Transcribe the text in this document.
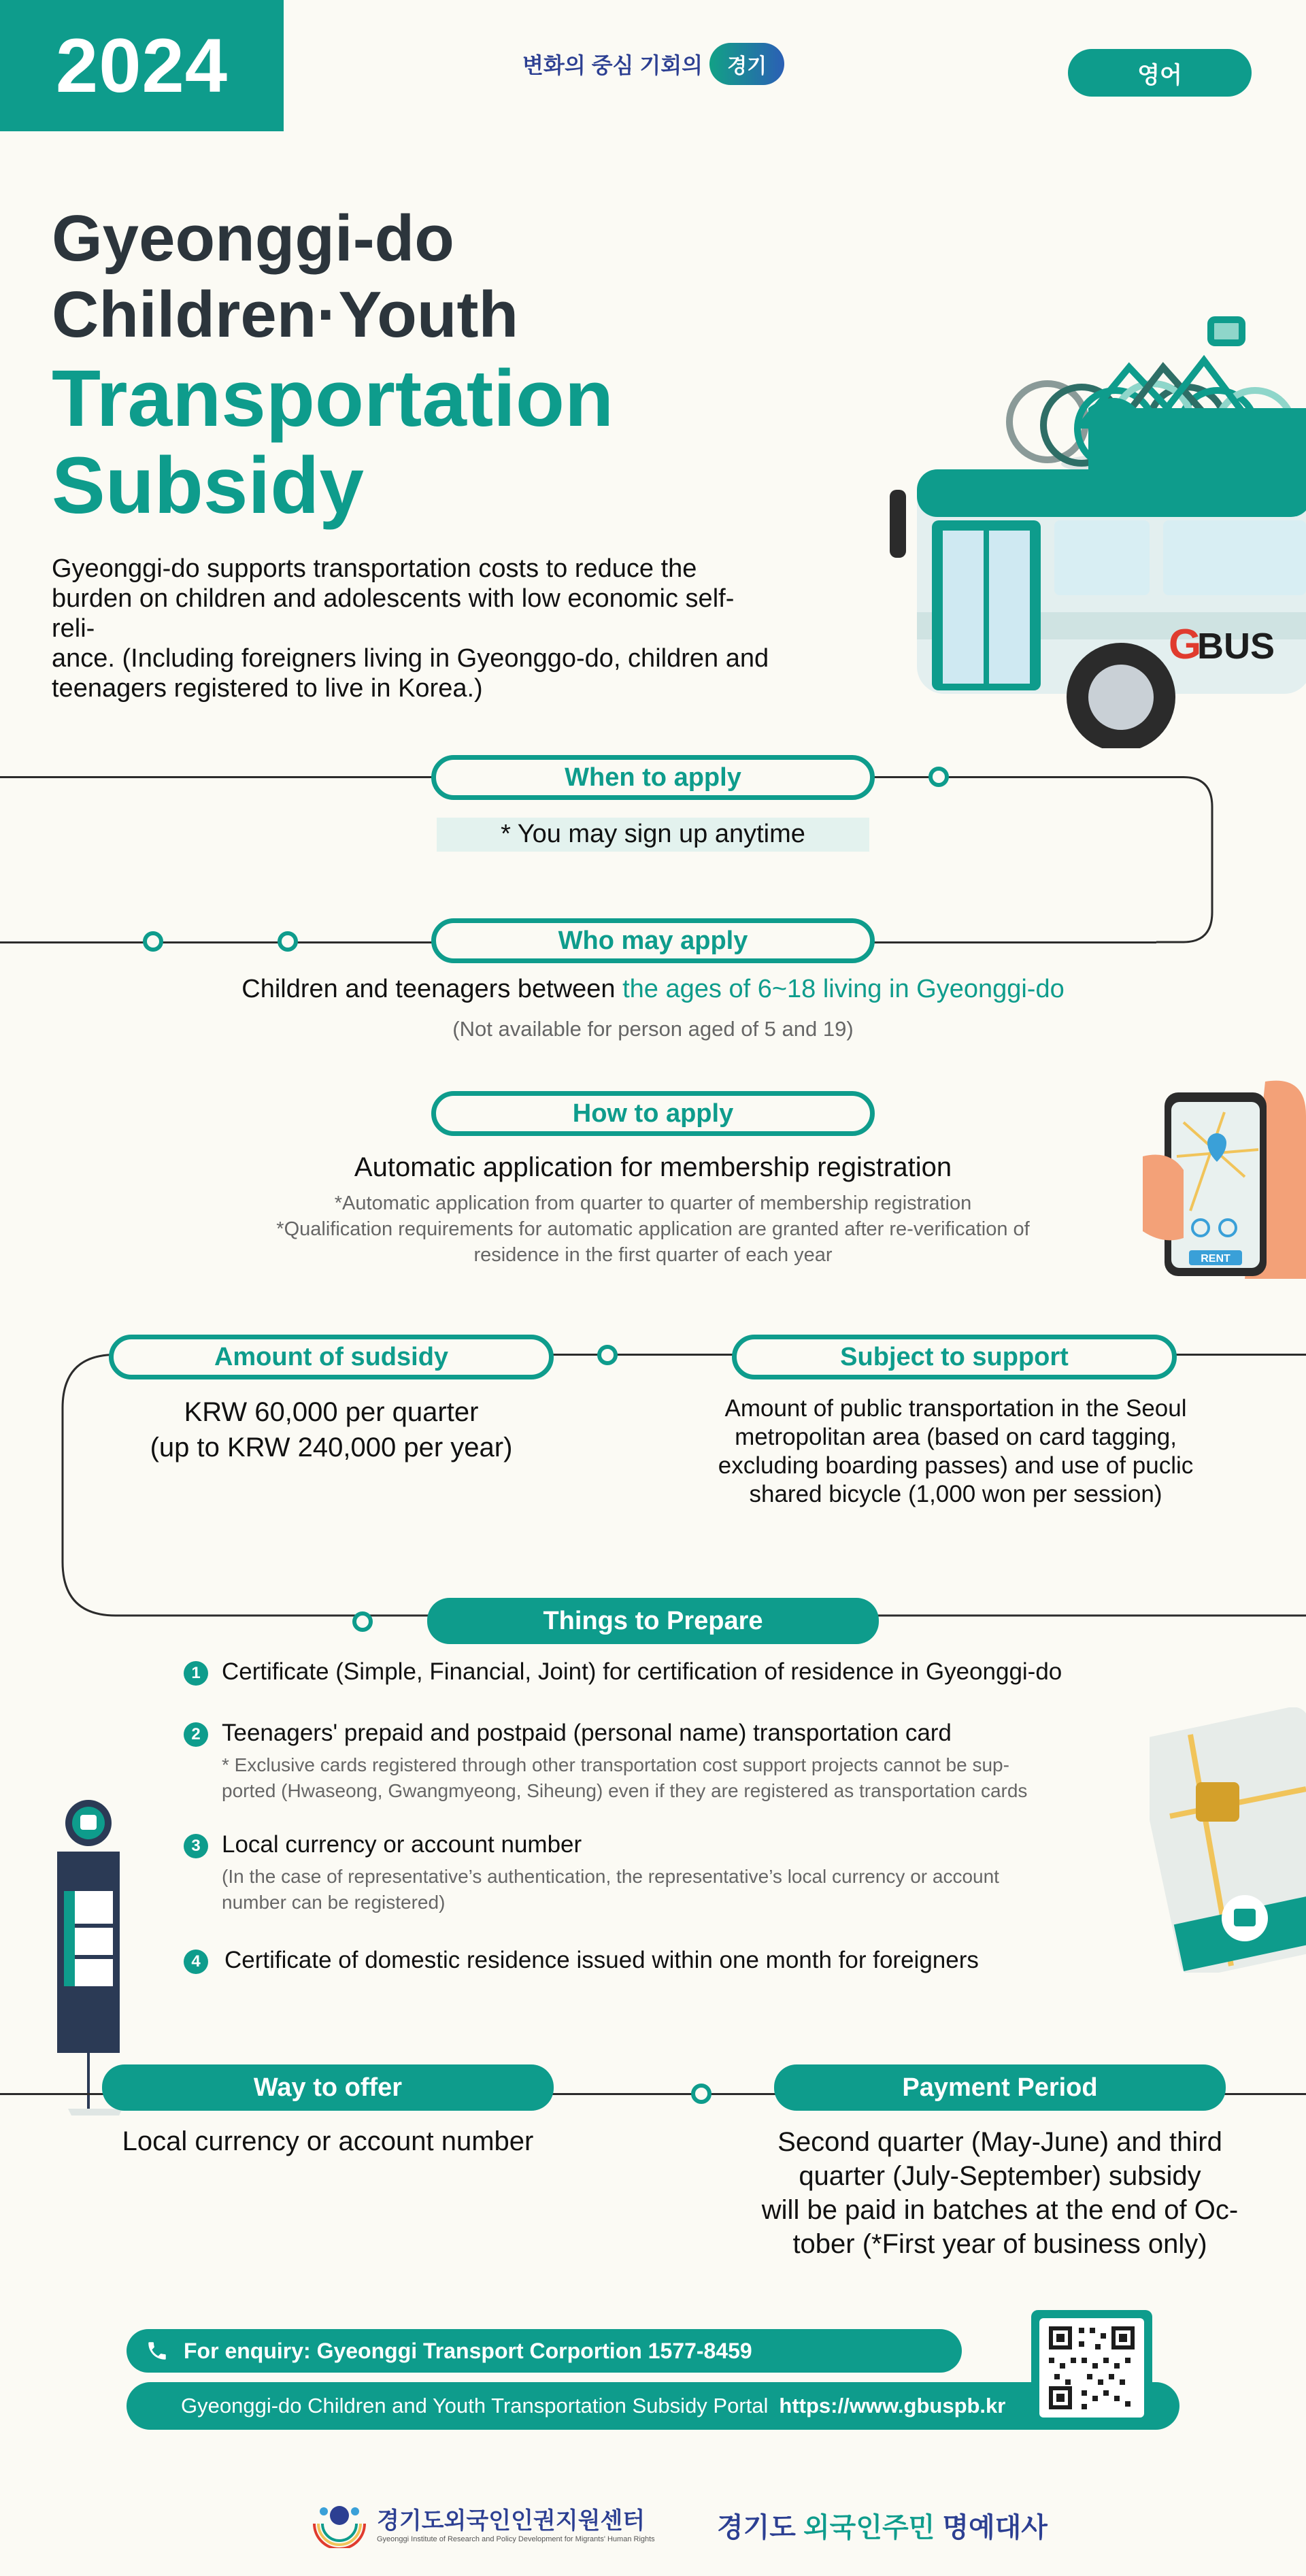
2024	변화의 중심 기회의	경기	영어
Gyeonggi-do
Children·Youth
Transportation
Subsidy
Gyeonggi-do supports transportation costs to reduce the
burden on children and adolescents with low economic self-reli-
ance. (Including foreigners living in Gyeonggo-do, children and
teenagers registered to live in Korea.)
G
BUS
When to apply
* You may sign up anytime
Who may apply
Children and teenagers between the ages of 6~18 living in Gyeonggi-do
(Not available for person aged of 5 and 19)
How to apply
Automatic application for membership registration
*Automatic application from quarter to quarter of membership registration
*Qualification requirements for automatic application are granted after re-verification of
residence in the first quarter of each year	RENT
Amount of sudsidy	Subject to support
KRW 60,000 per quarter
(up to KRW 240,000 per year)
Amount of public transportation in the Seoul
metropolitan area (based on card tagging,
excluding boarding passes) and use of puclic
shared bicycle (1,000 won per session)
Things to Prepare
1 Certificate (Simple, Financial, Joint) for certification of residence in Gyeonggi-do
2 Teenagers' prepaid and postpaid (personal name) transportation card
* Exclusive cards registered through other transportation cost support projects cannot be sup-
ported (Hwaseong, Gwangmyeong, Siheung) even if they are registered as transportation cards
3 Local currency or account number
(In the case of representative’s authentication, the representative’s local currency or account
number can be registered)
4	Certificate of domestic residence issued within one month for foreigners
Way to offer	Payment Period
Local currency or account number	Second quarter (May-June) and third
quarter (July-September) subsidy
will be paid in batches at the end of Oc-
tober (*First year of business only)
For enquiry: Gyeonggi Transport Corportion 1577-8459
Gyeonggi-do Children and Youth Transportation Subsidy Portal https://www.gbuspb.kr
경기도외국인인권지원센터
Gyeonggi Institute of Research and Policy Development for Migrants' Human Rights 경기도 외국인주민 명예대사
